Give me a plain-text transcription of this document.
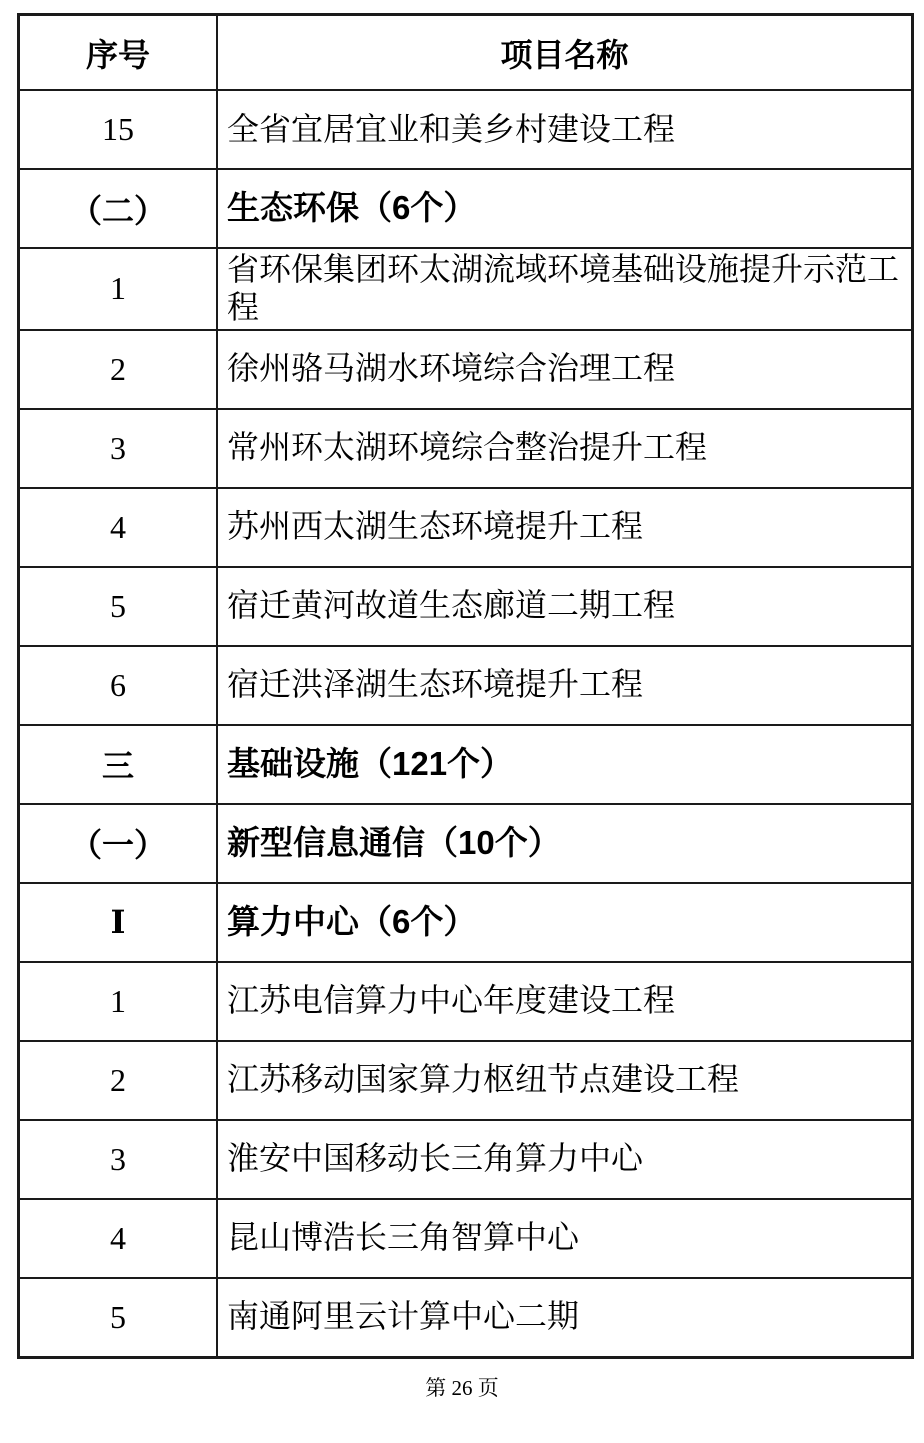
序号	项目名称
15	全省宜居宜业和美乡村建设工程
（二）	生态环保（6个）
1	省环保集团环太湖流域环境基础设施提升示范工程
2	徐州骆马湖水环境综合治理工程
3	常州环太湖环境综合整治提升工程
4	苏州西太湖生态环境提升工程
5	宿迁黄河故道生态廊道二期工程
6	宿迁洪泽湖生态环境提升工程
三	基础设施（121个）
（一）	新型信息通信（10个）
Ⅰ	算力中心（6个）
1	江苏电信算力中心年度建设工程
2	江苏移动国家算力枢纽节点建设工程
3	淮安中国移动长三角算力中心
4	昆山博浩长三角智算中心
5	南通阿里云计算中心二期
第 26 页
